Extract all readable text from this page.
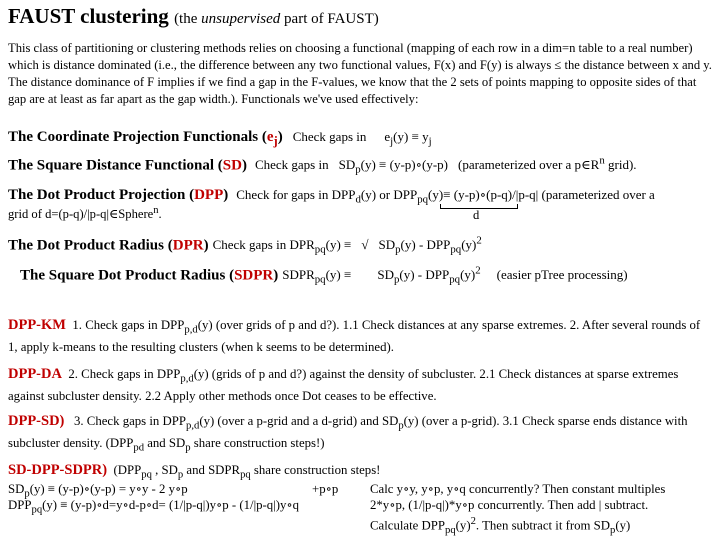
FAUST clustering (the unsupervised part of FAUST)
This class of partitioning or clustering methods relies on choosing a functional (mapping of each row in a dim=n table to a real number) which is distance dominated (i.e., the difference between any two functional values, F(x) and F(y) is always ≤ the distance between x and y. The distance dominance of F implies if we find a gap in the F-values, we know that the 2 sets of points mapping to opposite sides of that gap are at least as far apart as the gap width.). Functionals we've used effectively:
The Coordinate Projection Functionals $(e_j)$ Check gaps in $e_j(y) \equiv y_j$
The Square Distance Functional (SD) Check gaps in $SD_p(y)$ ≡ (y-p)∘(y-p) (parameterized over a $p\in R^n$ grid).
The Dot Product Projection (DPP) Check for gaps in $DPP_d(y)$ or $DPP_{pq}(y)\equiv$ (y-p)∘(p-q)/|p-q| (parameterized over a
grid of d=(p-q)/|p-q|∈Sphere$^n$.	d
The Dot Product Radius (DPR) Check gaps in $DPR_{pq}(y)$ ≡ √ $SD_p(y) - DPP_{pq}(y)^2$
The Square Dot Product Radius (SDPR) $SDPR_{pq}(y) \equiv SD_p(y) - DPP_{pq}(y)^2$ (easier pTree processing)
DPP-KM 1. Check gaps in $DPP_{p,d}(y)$ (over grids of p and d?). 1.1 Check distances at any sparse extremes. 2. After several rounds of 1, apply k-means to the resulting clusters (when k seems to be determined).
DPP-DA 2. Check gaps in $DPP_{p,d}(y)$ (grids of p and d?) against the density of subcluster. 2.1 Check distances at sparse extremes against subcluster density. 2.2 Apply other methods once Dot ceases to be effective.
DPP-SD) 3. Check gaps in $DPP_{p,d}(y)$ (over a p-grid and a d-grid) and $SD_p(y)$ (over a p-grid). 3.1 Check sparse ends distance with subcluster density. ($DPP_{pd}$ and $SD_p$ share construction steps!)
SD-DPP-SDPR) ($DPP_{pq}$ , $SD_p$ and $SDPR_{pq}$ share construction steps!
$SD_p(y)$ ≡ (y-p)∘(y-p) = y∘y - 2 y∘p	+p∘p
$DPP_{pq}(y)$ ≡ (y-p)∘d=y∘d-p∘d= (1/|p-q|)y∘p - (1/|p-q|)y∘q
Calc y∘y, y∘p, y∘q concurrently? Then constant multiples
2*y∘p, (1/|p-q|)*y∘p concurrently. Then add | subtract.
Calculate $DPP_{pq}(y)^2$. Then subtract it from $SD_p(y)$
